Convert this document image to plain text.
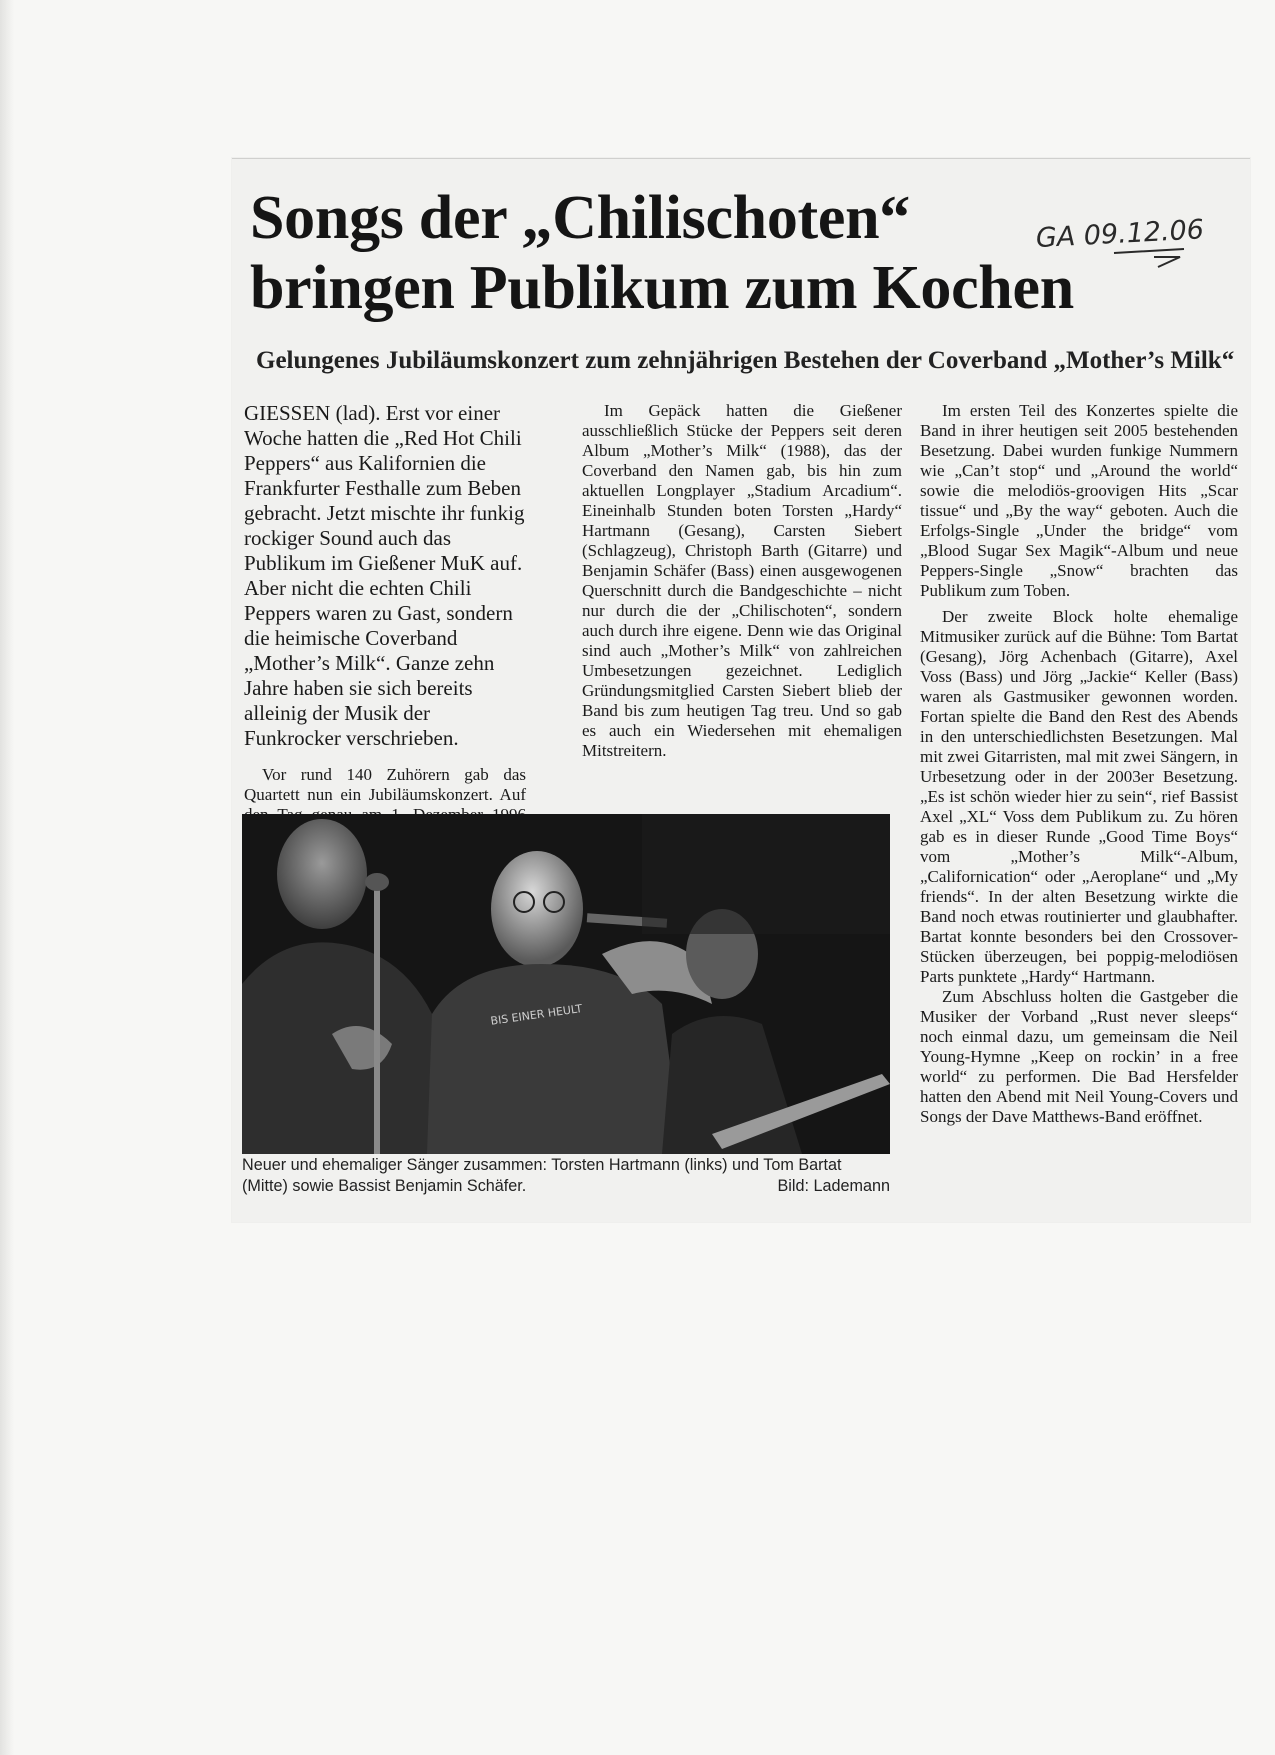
Songs der „Chilischoten“
bringen Publikum zum Kochen
GA 09.12.06
Gelungenes Jubiläumskonzert zum zehnjährigen Bestehen der Coverband „Mother’s Milk“

GIESSEN (lad). Erst vor einer Woche hatten die „Red Hot Chili Peppers“ aus Kalifornien die Frankfurter Festhalle zum Beben gebracht. Jetzt mischte ihr funkig rockiger Sound auch das Publikum im Gießener MuK auf. Aber nicht die echten Chili Peppers waren zu Gast, sondern die heimische Coverband „Mother’s Milk“. Ganze zehn Jahre haben sie sich bereits alleinig der Musik der Funkrocker verschrieben.

Vor rund 140 Zuhörern gab das Quartett nun ein Jubiläumskonzert. Auf

Im Gepäck hatten die Gießener ausschließlich Stücke der Peppers seit deren Album „Mother’s Milk“ (1988), das der Coverband den Namen gab, bis hin zum aktuellen Longplayer „Stadium Arcadium“. Eineinhalb Stunden boten Torsten „Hardy“ Hartmann (Gesang), Carsten Siebert (Schlagzeug), Christoph Barth (Gitarre) und Benjamin Schäfer (Bass) einen ausgewogenen Querschnitt durch die Bandgeschichte – nicht nur durch die der „Chilischoten“, sondern auch durch ihre eigene. Denn wie das Original sind auch „Mother’s Milk“ von zahlreichen Umbesetzungen gezeichnet. Lediglich Gründungsmitglied Carsten Siebert blieb der Band bis zum heutigen Tag treu. Und so gab es auch ein Wiedersehen mit ehemaligen Mitstreitern.

Im ersten Teil des Konzertes spielte die Band in ihrer heutigen seit 2005 bestehenden Besetzung. Dabei wurden funkige Nummern wie „Can’t stop“ und „Around the world“ sowie die melodiös-groovigen Hits „Scar tissue“ und „By the way“ geboten. Auch die Erfolgs-Single „Under the bridge“ vom „Blood Sugar Sex Magik“-Album und neue Peppers-Single „Snow“ brachten das Publikum zum Toben.

Der zweite Block holte ehemalige Mitmusiker zurück auf die Bühne: Tom Bartat (Gesang), Jörg Achenbach (Gitarre), Axel Voss (Bass) und Jörg „Jackie“ Keller (Bass) waren als Gastmusiker gewonnen worden. Fortan spielte die Band den Rest des Abends in den unterschiedlichsten Besetzungen. Mal mit zwei Gitarristen, mal mit zwei Sängern, in Urbesetzung oder in der 2003er Besetzung. „Es ist schön wieder hier zu sein“, rief Bassist Axel „XL“ Voss dem Publikum zu. Zu hören gab es in dieser Runde „Good Time Boys“ vom „Mother’s Milk“-Album, „Californication“ oder „Aeroplane“ und „My friends“. In der alten Besetzung wirkte die Band noch etwas routinierter und glaubhafter. Bartat konnte besonders bei den Crossover-Stücken überzeugen, bei poppig-melodiösen Parts punktete „Hardy“ Hartmann.

Zum Abschluss holten die Gastgeber die Musiker der Vorband „Rust never sleeps“ noch einmal dazu, um gemeinsam die Neil Young-Hymne „Keep on rockin’ in a free world“ zu performen. Die Bad Hersfelder hatten den Abend mit Neil Young-Covers und Songs der Dave Matthews-Band eröffnet.

BIS EINER HEULT
Neuer und ehemaliger Sänger zusammen: Torsten Hartmann (links) und Tom Bartat (Mitte) sowie Bassist Benjamin Schäfer.	Bild: Lademann
